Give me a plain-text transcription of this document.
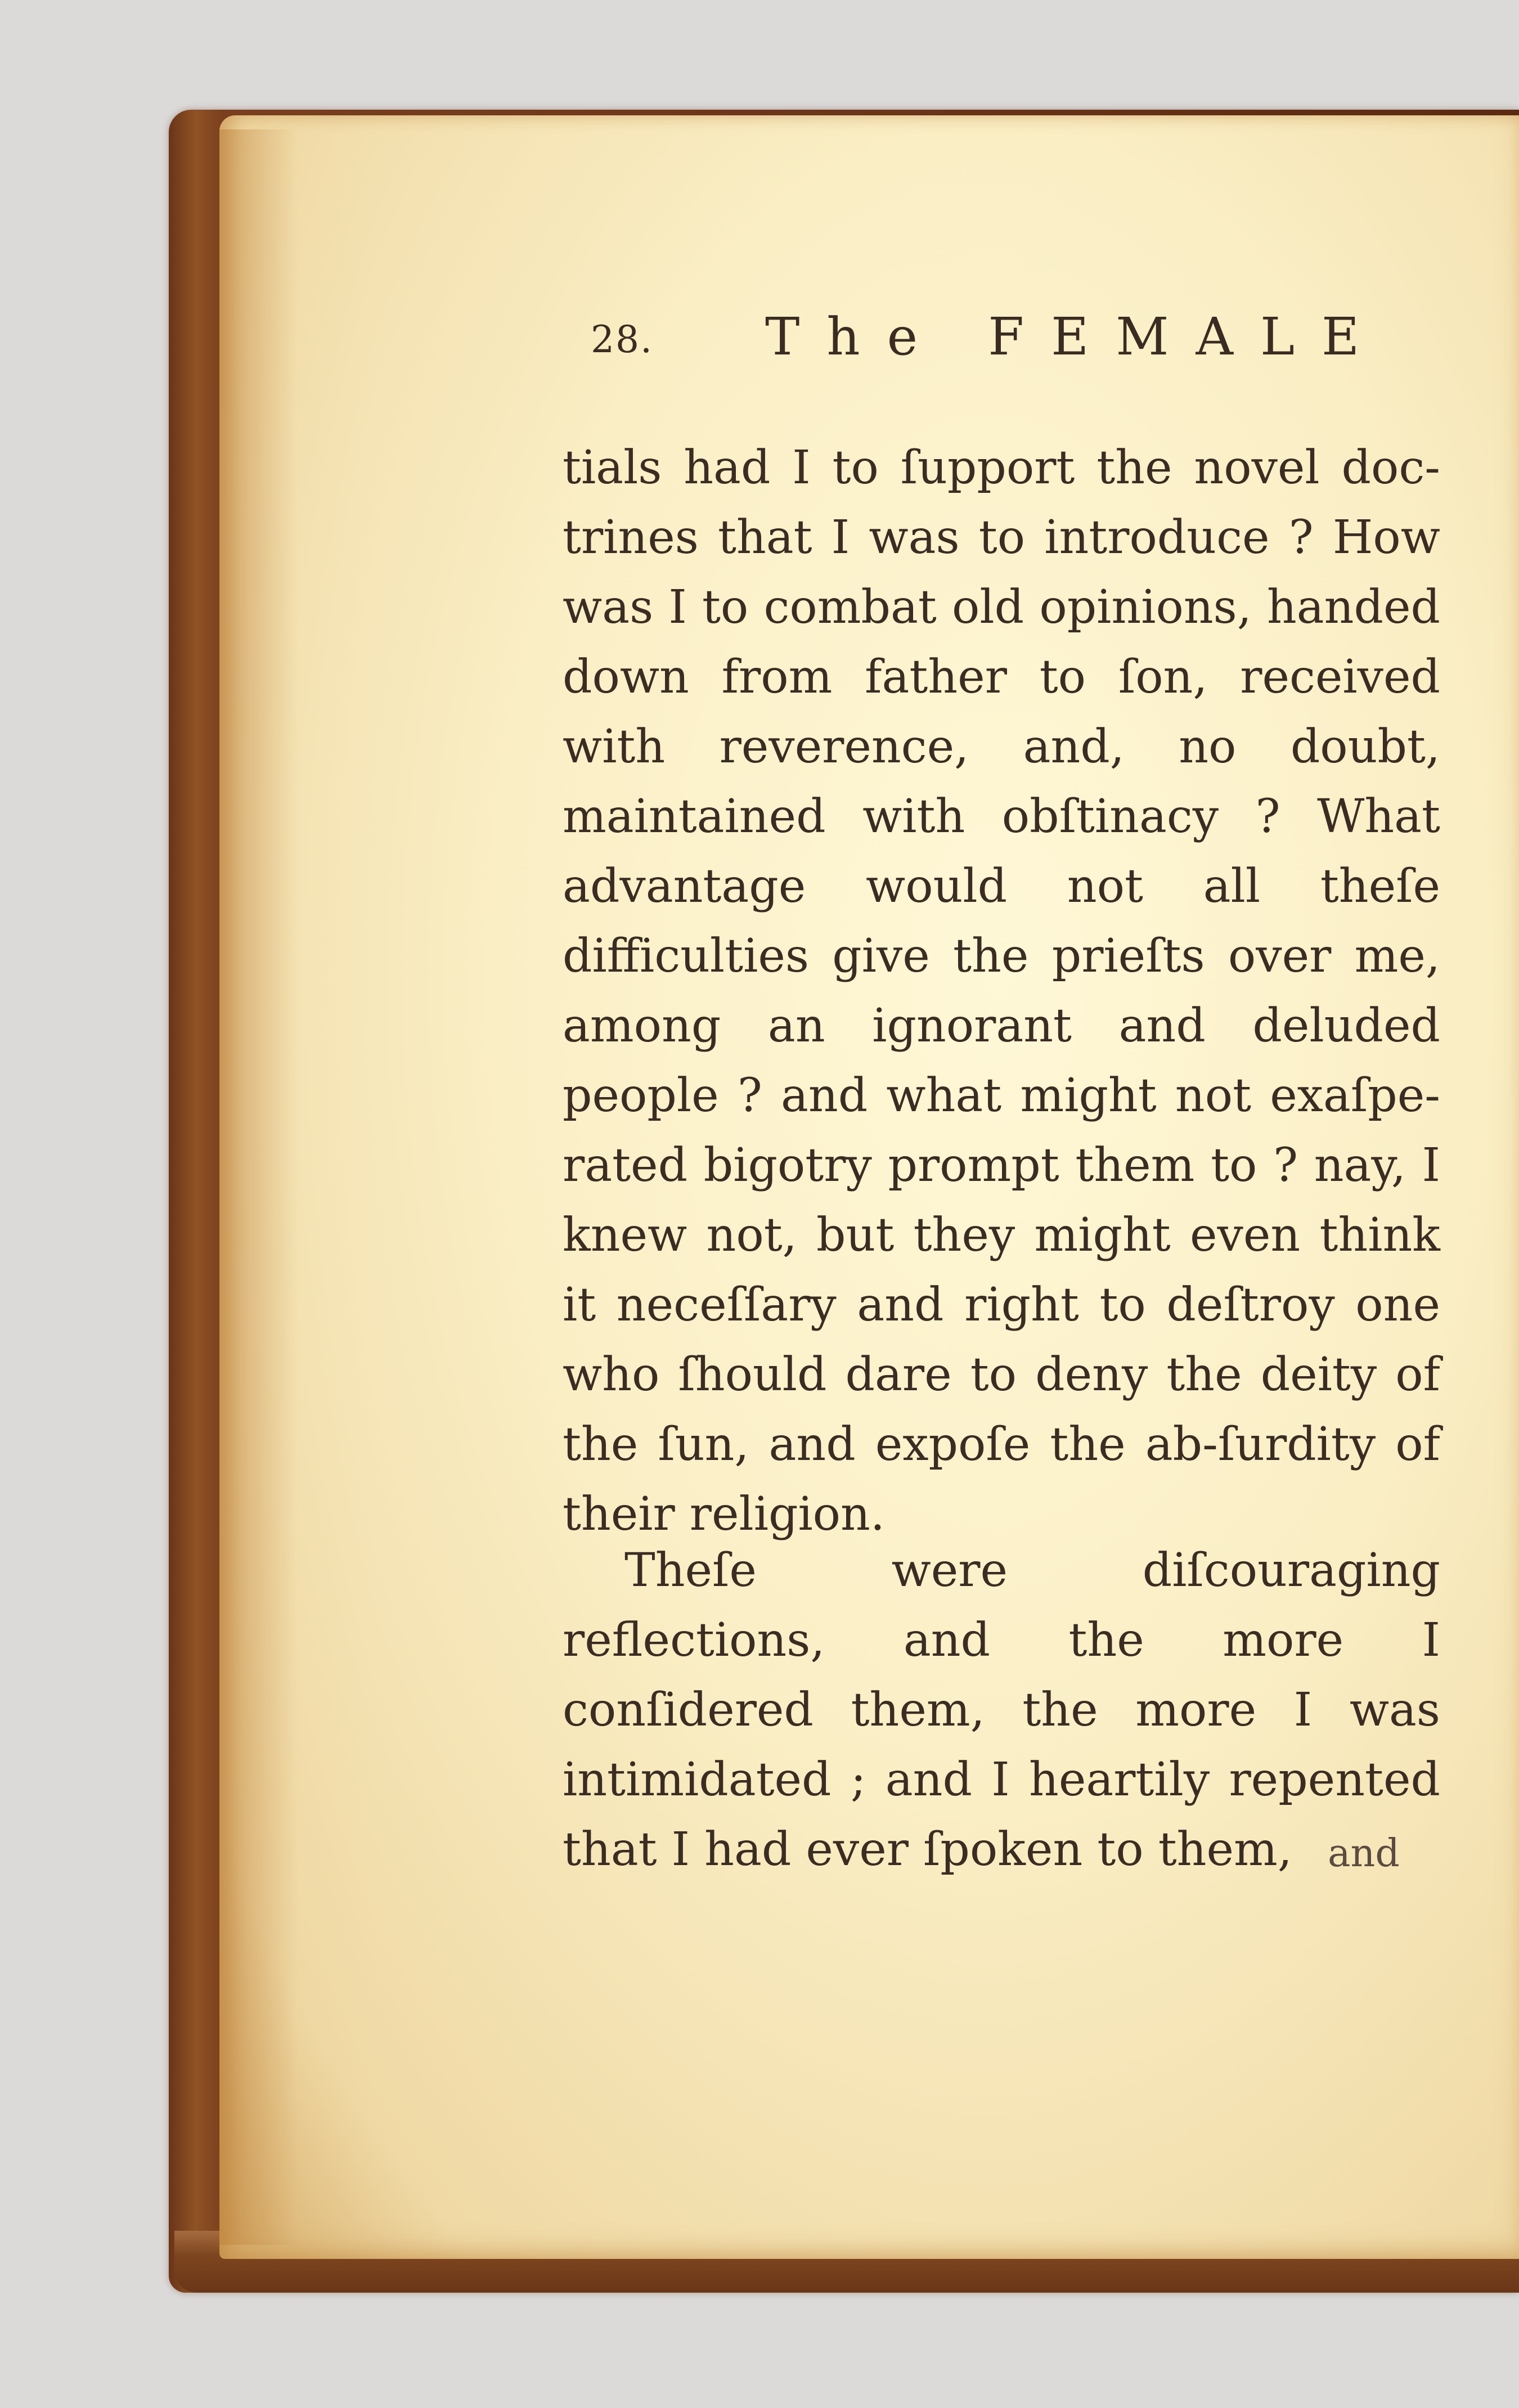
28. The FEMALE

tials had I to ſupport the novel doc-trines that I was to introduce ? How was I to combat old opinions, handed down from father to ſon, received with reverence, and, no doubt, maintained with obſtinacy ? What advantage would not all theſe difficulties give the prieſts over me, among an ignorant and deluded people ? and what might not exaſpe-rated bigotry prompt them to ? nay, I knew not, but they might even think it neceſſary and right to deſtroy one who ſhould dare to deny the deity of the ſun, and expoſe the ab-ſurdity of their religion.

Theſe were diſcouraging reflections, and the more I conſidered them, the more I was intimidated ; and I heartily repented that I had ever ſpoken to them, and
